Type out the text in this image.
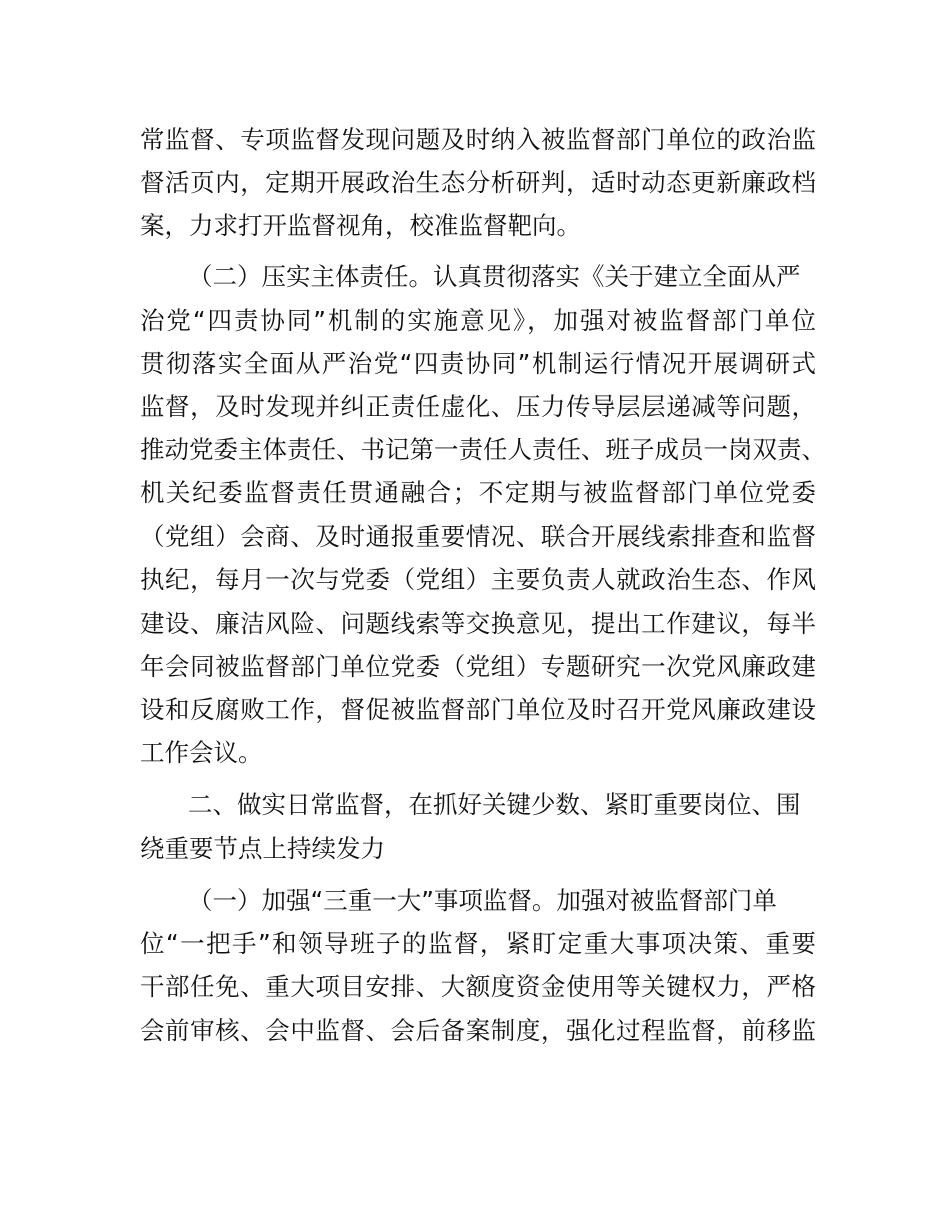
常监督、专项监督发现问题及时纳入被监督部门单位的政治监
督活页内，定期开展政治生态分析研判，适时动态更新廉政档
案，力求打开监督视角，校准监督靶向。
（二）压实主体责任。认真贯彻落实《关于建立全面从严
治党“四责协同”机制的实施意见》，加强对被监督部门单位
贯彻落实全面从严治党“四责协同”机制运行情况开展调研式
监督，及时发现并纠正责任虚化、压力传导层层递减等问题，
推动党委主体责任、书记第一责任人责任、班子成员一岗双责、
机关纪委监督责任贯通融合；不定期与被监督部门单位党委
（党组）会商、及时通报重要情况、联合开展线索排查和监督
执纪，每月一次与党委（党组）主要负责人就政治生态、作风
建设、廉洁风险、问题线索等交换意见，提出工作建议，每半
年会同被监督部门单位党委（党组）专题研究一次党风廉政建
设和反腐败工作，督促被监督部门单位及时召开党风廉政建设
工作会议。
二、做实日常监督，在抓好关键少数、紧盯重要岗位、围
绕重要节点上持续发力
（一）加强“三重一大”事项监督。加强对被监督部门单
位“一把手”和领导班子的监督，紧盯定重大事项决策、重要
干部任免、重大项目安排、大额度资金使用等关键权力，严格
会前审核、会中监督、会后备案制度，强化过程监督，前移监
